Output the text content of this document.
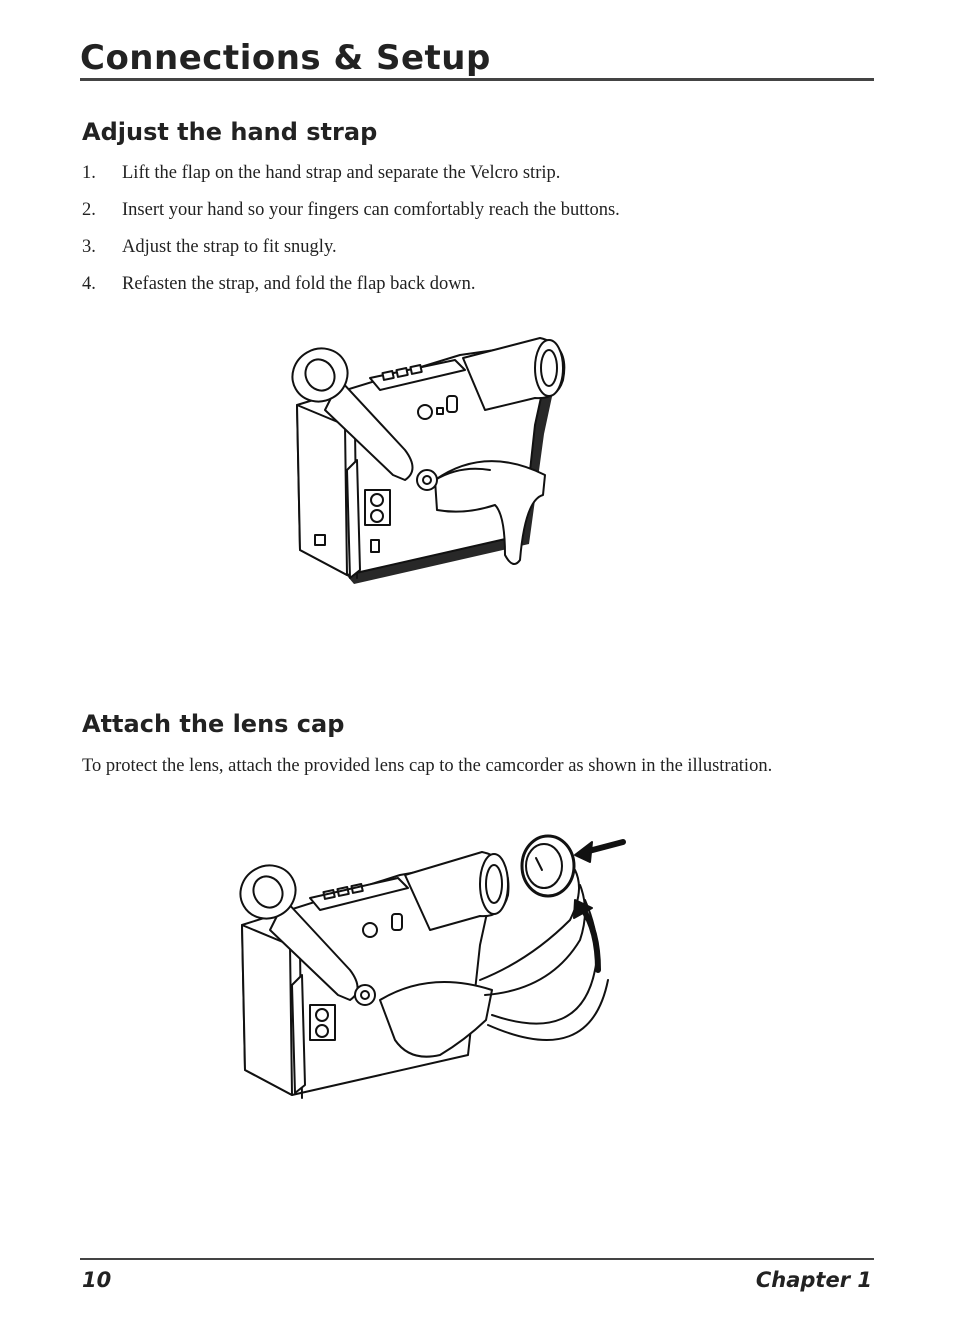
Connections & Setup
Adjust the hand strap
1.	Lift the flap on the hand strap and separate the Velcro strip.
2.	Insert your hand so your fingers can comfortably reach the buttons.
3.	Adjust the strap to fit snugly.
4.	Refasten the strap, and fold the flap back down.
Attach the lens cap

To protect the lens, attach the provided lens cap to the camcorder as shown in the illustration.

10	Chapter 1
